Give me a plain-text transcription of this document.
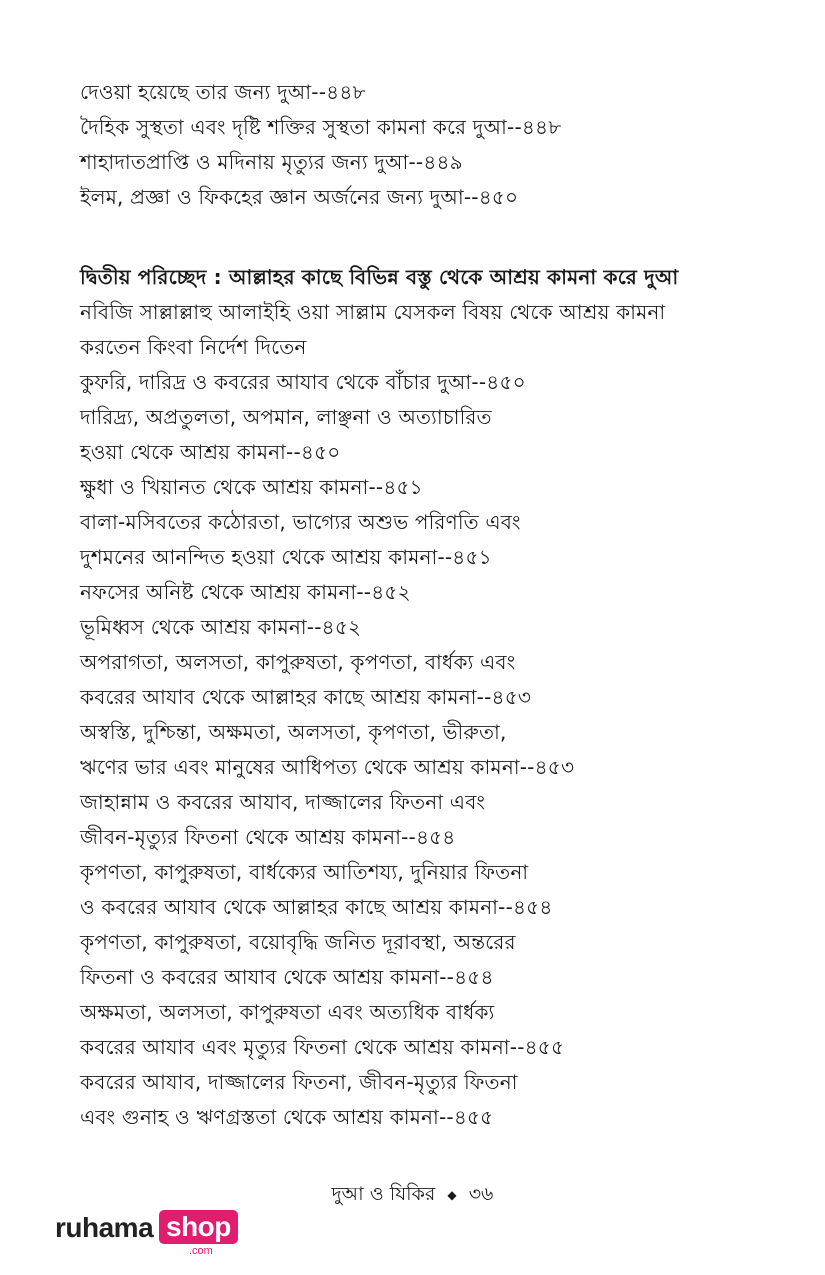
দেওয়া হয়েছে তার জন্য দুআ--৪৪৮
দৈহিক সুস্থতা এবং দৃষ্টি শক্তির সুস্থতা কামনা করে দুআ--৪৪৮
শাহাদাতপ্রাপ্তি ও মদিনায় মৃত্যুর জন্য দুআ--৪৪৯
ইলম, প্রজ্ঞা ও ফিকহের জ্ঞান অর্জনের জন্য দুআ--৪৫০
দ্বিতীয় পরিচ্ছেদ : আল্লাহর কাছে বিভিন্ন বস্তু থেকে আশ্রয় কামনা করে দুআ
নবিজি সাল্লাল্লাহু আলাইহি ওয়া সাল্লাম যেসকল বিষয় থেকে আশ্রয় কামনা
করতেন কিংবা নির্দেশ দিতেন
কুফরি, দারিদ্র ও কবরের আযাব থেকে বাঁচার দুআ--৪৫০
দারিদ্র্য, অপ্রতুলতা, অপমান, লাঞ্ছনা ও অত্যাচারিত
হওয়া থেকে আশ্রয় কামনা--৪৫০
ক্ষুধা ও খিয়ানত থেকে আশ্রয় কামনা--৪৫১
বালা-মসিবতের কঠোরতা, ভাগ্যের অশুভ পরিণতি এবং
দুশমনের আনন্দিত হওয়া থেকে আশ্রয় কামনা--৪৫১
নফসের অনিষ্ট থেকে আশ্রয় কামনা--৪৫২
ভূমিধ্বস থেকে আশ্রয় কামনা--৪৫২
অপরাগতা, অলসতা, কাপুরুষতা, কৃপণতা, বার্ধক্য এবং
কবরের আযাব থেকে আল্লাহর কাছে আশ্রয় কামনা--৪৫৩
অস্বস্তি, দুশ্চিন্তা, অক্ষমতা, অলসতা, কৃপণতা, ভীরুতা,
ঋণের ভার এবং মানুষের আধিপত্য থেকে আশ্রয় কামনা--৪৫৩
জাহান্নাম ও কবরের আযাব, দাজ্জালের ফিতনা এবং
জীবন-মৃত্যুর ফিতনা থেকে আশ্রয় কামনা--৪৫৪
কৃপণতা, কাপুরুষতা, বার্ধক্যের আতিশয্য, দুনিয়ার ফিতনা
ও কবরের আযাব থেকে আল্লাহর কাছে আশ্রয় কামনা--৪৫৪
কৃপণতা, কাপুরুষতা, বয়োবৃদ্ধি জনিত দূরাবস্থা, অন্তরের
ফিতনা ও কবরের আযাব থেকে আশ্রয় কামনা--৪৫৪
অক্ষমতা, অলসতা, কাপুরুষতা এবং অত্যধিক বার্ধক্য
কবরের আযাব এবং মৃত্যুর ফিতনা থেকে আশ্রয় কামনা--৪৫৫
কবরের আযাব, দাজ্জালের ফিতনা, জীবন-মৃত্যুর ফিতনা
এবং গুনাহ ও ঋণগ্রস্ততা থেকে আশ্রয় কামনা--৪৫৫
দুআ ও যিকির ◆ ৩৬
ruhama shop
.com
